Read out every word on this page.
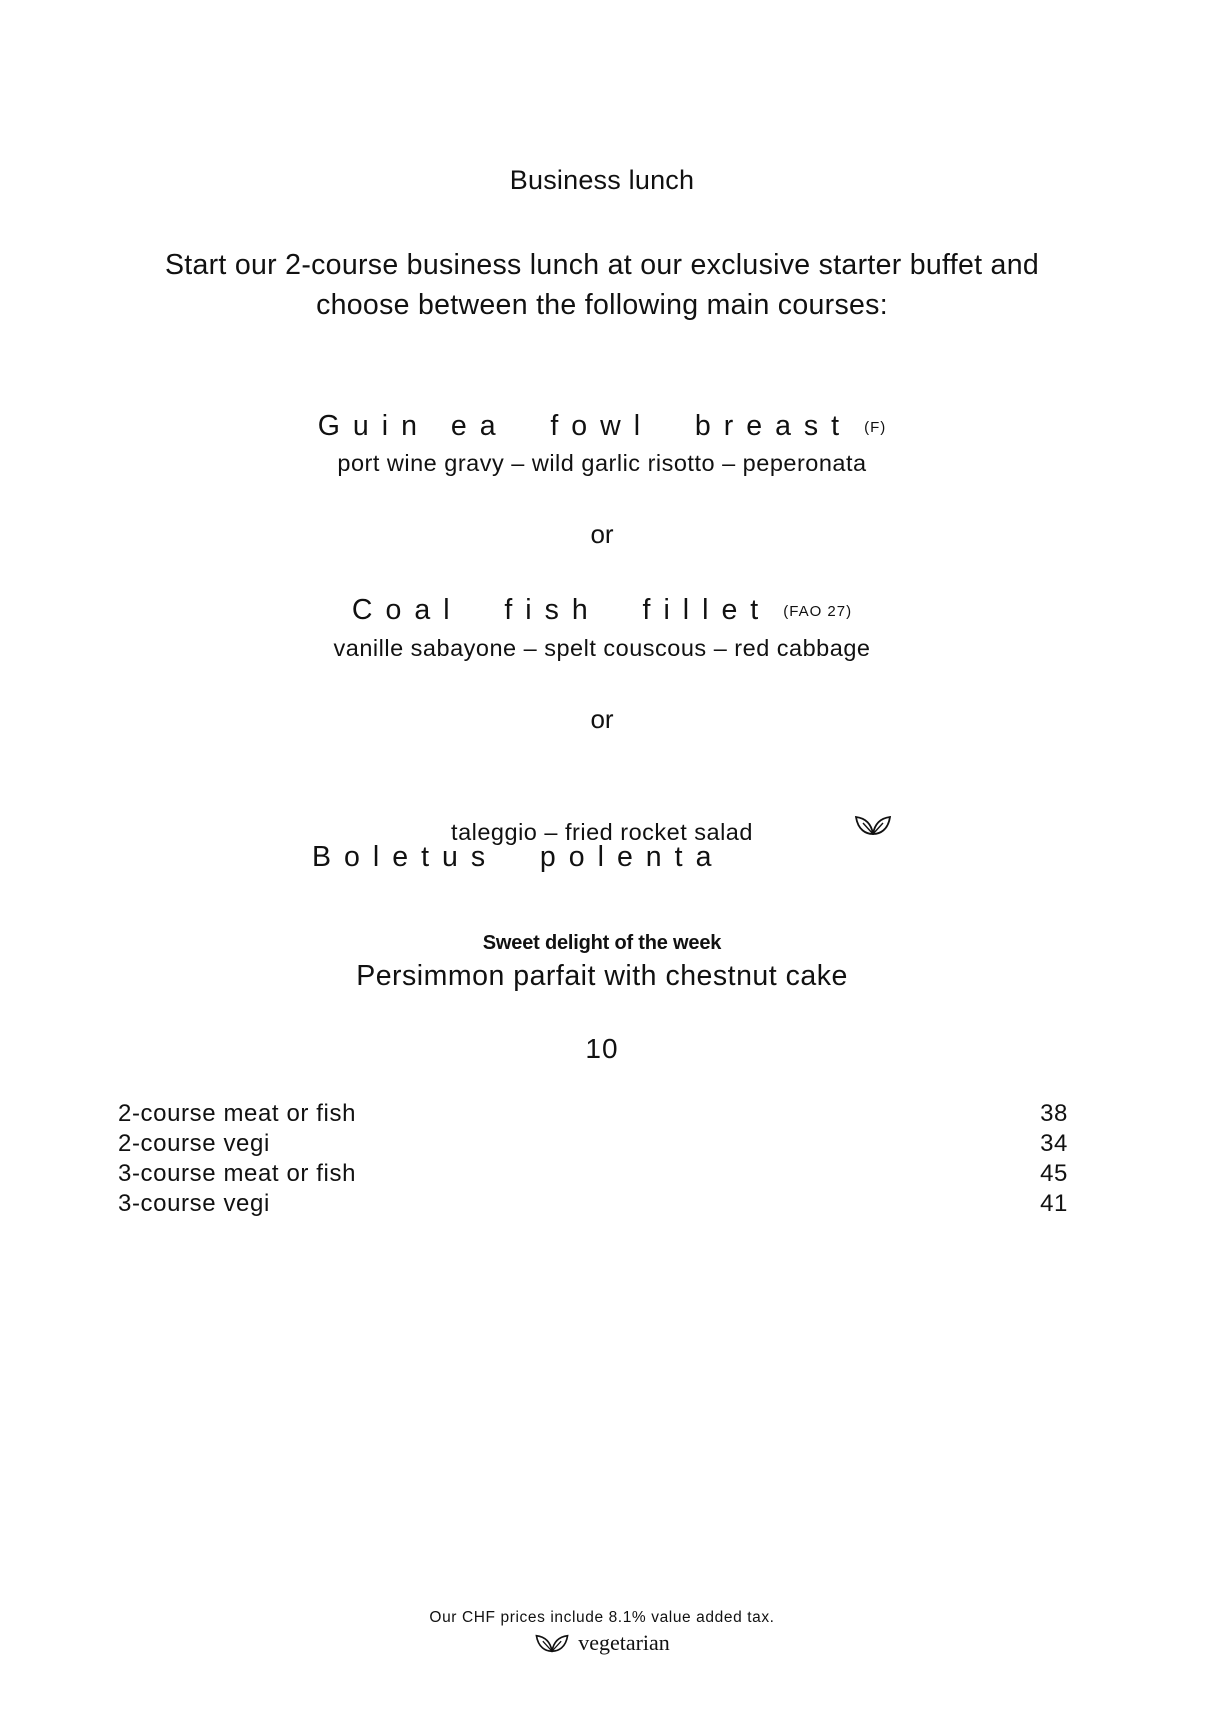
Business lunch
Start our 2-course business lunch at our exclusive starter buffet and
choose between the following main courses:
Guin ea  fowl  breast (F)
port wine gravy – wild garlic risotto – peperonata
or
Coal  fish  fillet (FAO 27)
vanille sabayone – spelt couscous – red cabbage
or
Boletus  polenta

taleggio – fried rocket salad
Sweet delight of the week
Persimmon parfait with chestnut cake
10
2-course meat or fish	38
2-course vegi	34
3-course meat or fish	45
3-course vegi	41
Our CHF prices include 8.1% value added tax.
vegetarian
